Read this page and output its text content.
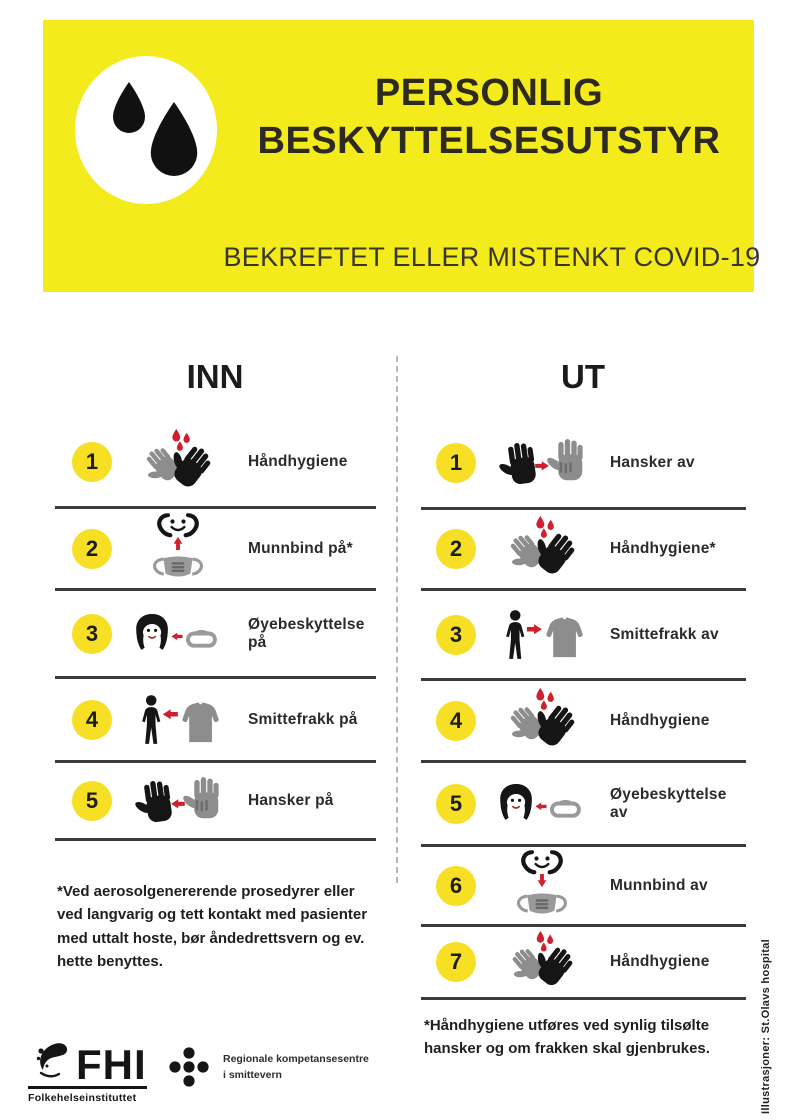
PERSONLIG
BESKYTTELSESUTSTYR
BEKREFTET ELLER MISTENKT COVID-19
INN	UT
1	Håndhygiene
2	Munnbind på*
3	Øyebeskyttelse på
4	Smittefrakk på
5	Hansker på
1	Hansker av
2	Håndhygiene*
3	Smittefrakk av
4	Håndhygiene
5	Øyebeskyttelse av
6	Munnbind av
7	Håndhygiene
*Ved aerosolgenererende prosedyrer eller ved langvarig og tett kontakt med pasienter med uttalt hoste, bør åndedrettsvern og ev. hette benyttes.
*Håndhygiene utføres ved synlig tilsølte hansker og om frakken skal gjenbrukes.	Illustrasjoner: St.Olavs hospital
FHI
Folkehelseinstituttet
Regionale kompetansesentre
i smittevern
